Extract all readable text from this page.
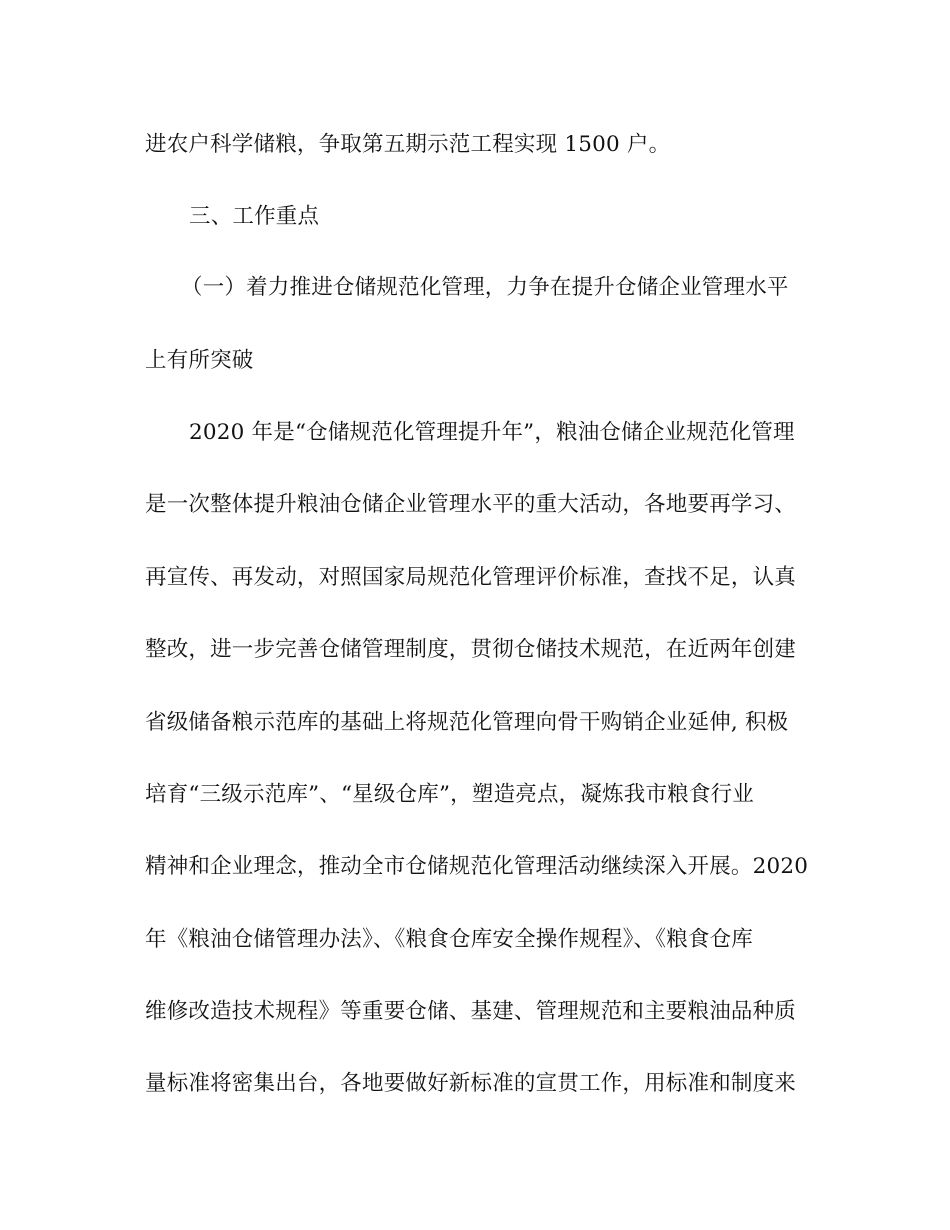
进农户科学储粮，争取第五期示范工程实现 1500 户。
三、工作重点
（一）着力推进仓储规范化管理，力争在提升仓储企业管理水平
上有所突破
2020 年是“仓储规范化管理提升年”，粮油仓储企业规范化管理
是一次整体提升粮油仓储企业管理水平的重大活动，各地要再学习、
再宣传、再发动，对照国家局规范化管理评价标准，查找不足，认真
整改，进一步完善仓储管理制度，贯彻仓储技术规范，在近两年创建
省级储备粮示范库的基础上将规范化管理向骨干购销企业延伸, 积极
培育“三级示范库”、“星级仓库”，塑造亮点，凝炼我市粮食行业
精神和企业理念，推动全市仓储规范化管理活动继续深入开展。2020
年《粮油仓储管理办法》、《粮食仓库安全操作规程》、《粮食仓库
维修改造技术规程》等重要仓储、基建、管理规范和主要粮油品种质
量标准将密集出台，各地要做好新标准的宣贯工作，用标准和制度来
